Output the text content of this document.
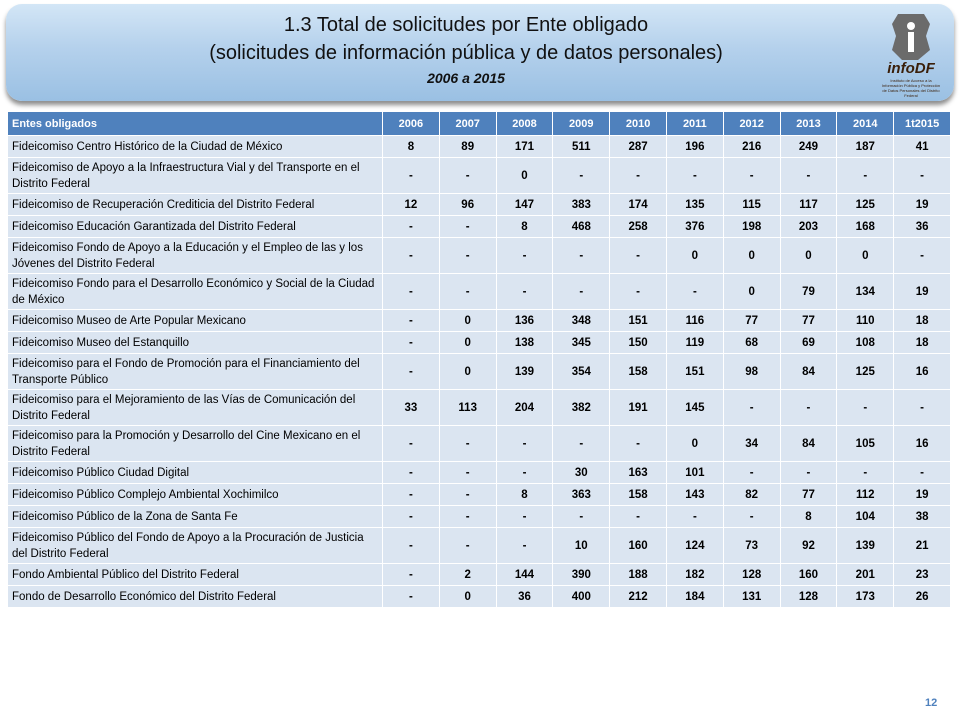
1.3 Total de solicitudes por Ente obligado
(solicitudes de información pública y de datos personales)
2006 a 2015
infoDF
Instituto de Acceso a la Información Pública y Protección de Datos Personales del Distrito Federal
Entes obligados	2006	2007	2008	2009	2010	2011	2012	2013	2014	1t2015
Fideicomiso Centro Histórico de la Ciudad de México	8	89	171	511	287	196	216	249	187	41
Fideicomiso de Apoyo a la Infraestructura Vial y del Transporte en el Distrito Federal	-	-	0	-	-	-	-	-	-	-
Fideicomiso de Recuperación Crediticia del Distrito Federal	12	96	147	383	174	135	115	117	125	19
Fideicomiso Educación Garantizada del Distrito Federal	-	-	8	468	258	376	198	203	168	36
Fideicomiso Fondo de Apoyo a la Educación y el Empleo de las y los Jóvenes del Distrito Federal	-	-	-	-	-	0	0	0	0	-
Fideicomiso Fondo para el Desarrollo Económico y Social de la Ciudad de México	-	-	-	-	-	-	0	79	134	19
Fideicomiso Museo de Arte Popular Mexicano	-	0	136	348	151	116	77	77	110	18
Fideicomiso Museo del Estanquillo	-	0	138	345	150	119	68	69	108	18
Fideicomiso para el Fondo de Promoción para el Financiamiento del Transporte Público	-	0	139	354	158	151	98	84	125	16
Fideicomiso para el Mejoramiento de las Vías de Comunicación del Distrito Federal	33	113	204	382	191	145	-	-	-	-
Fideicomiso para la Promoción y Desarrollo del Cine Mexicano en el Distrito Federal	-	-	-	-	-	0	34	84	105	16
Fideicomiso Público Ciudad Digital	-	-	-	30	163	101	-	-	-	-
Fideicomiso Público Complejo Ambiental Xochimilco	-	-	8	363	158	143	82	77	112	19
Fideicomiso Público de la Zona de Santa Fe	-	-	-	-	-	-	-	8	104	38
Fideicomiso Público del Fondo de Apoyo a la Procuración de Justicia del Distrito Federal	-	-	-	10	160	124	73	92	139	21
Fondo Ambiental Público del Distrito Federal	-	2	144	390	188	182	128	160	201	23
Fondo de Desarrollo Económico del Distrito Federal	-	0	36	400	212	184	131	128	173	26
12
